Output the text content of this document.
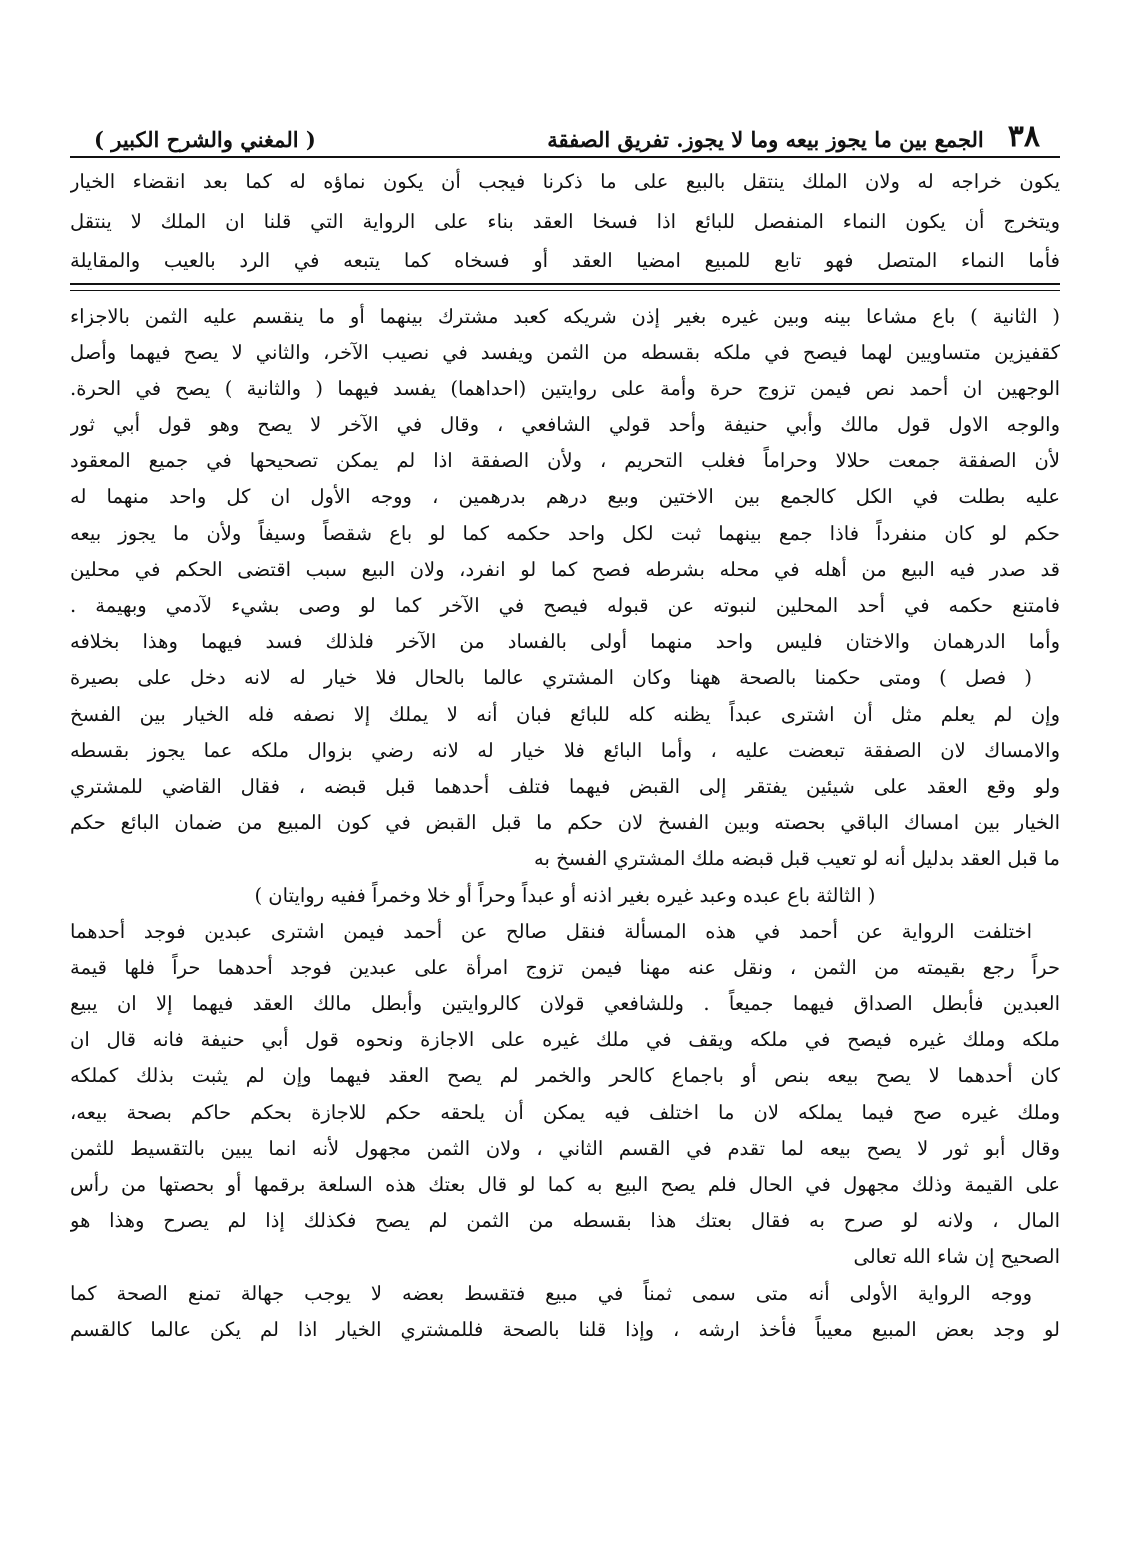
٣٨
الجمع بين ما يجوز بيعه وما لا يجوز. تفريق الصفقة
( المغني والشرح الكبير )
يكون خراجه له ولان الملك ينتقل بالبيع على ما ذكرنا فيجب أن يكون نماؤه له كما بعد انقضاء الخيار
ويتخرج أن يكون النماء المنفصل للبائع اذا فسخا العقد بناء على الرواية التي قلنا ان الملك لا ينتقل
فأما النماء المتصل فهو تابع للمبيع امضيا العقد أو فسخاه كما يتبعه في الرد بالعيب والمقايلة
( الثانية ) باع مشاعا بينه وبين غيره بغير إذن شريكه كعبد مشترك بينهما أو ما ينقسم عليه الثمن بالاجزاء
كقفيزين متساويين لهما فيصح في ملكه بقسطه من الثمن ويفسد في نصيب الآخر، والثاني لا يصح فيهما وأصل
الوجهين ان أحمد نص فيمن تزوج حرة وأمة على روايتين (احداهما) يفسد فيهما ( والثانية ) يصح في الحرة.
والوجه الاول قول مالك وأبي حنيفة وأحد قولي الشافعي ، وقال في الآخر لا يصح وهو قول أبي ثور
لأن الصفقة جمعت حلالا وحراماً فغلب التحريم ، ولأن الصفقة اذا لم يمكن تصحيحها في جميع المعقود
عليه بطلت في الكل كالجمع بين الاختين وبيع درهم بدرهمين ، ووجه الأول ان كل واحد منهما له
حكم لو كان منفرداً فاذا جمع بينهما ثبت لكل واحد حكمه كما لو باع شقصاً وسيفاً ولأن ما يجوز بيعه
قد صدر فيه البيع من أهله في محله بشرطه فصح كما لو انفرد، ولان البيع سبب اقتضى الحكم في محلين
فامتنع حكمه في أحد المحلين لنبوته عن قبوله فيصح في الآخر كما لو وصى بشيء لآدمي وبهيمة .
وأما الدرهمان والاختان فليس واحد منهما أولى بالفساد من الآخر فلذلك فسد فيهما وهذا بخلافه
( فصل ) ومتى حكمنا بالصحة ههنا وكان المشتري عالما بالحال فلا خيار له لانه دخل على بصيرة
وإن لم يعلم مثل أن اشترى عبداً يظنه كله للبائع فبان أنه لا يملك إلا نصفه فله الخيار بين الفسخ
والامساك لان الصفقة تبعضت عليه ، وأما البائع فلا خيار له لانه رضي بزوال ملكه عما يجوز بقسطه
ولو وقع العقد على شيئين يفتقر إلى القبض فيهما فتلف أحدهما قبل قبضه ، فقال القاضي للمشتري
الخيار بين امساك الباقي بحصته وبين الفسخ لان حكم ما قبل القبض في كون المبيع من ضمان البائع حكم
ما قبل العقد بدليل أنه لو تعيب قبل قبضه ملك المشتري الفسخ به
( الثالثة باع عبده وعبد غيره بغير اذنه أو عبداً وحراً أو خلا وخمراً ففيه روايتان )
اختلفت الرواية عن أحمد في هذه المسألة فنقل صالح عن أحمد فيمن اشترى عبدين فوجد أحدهما
حراً رجع بقيمته من الثمن ، ونقل عنه مهنا فيمن تزوج امرأة على عبدين فوجد أحدهما حراً فلها قيمة
العبدين فأبطل الصداق فيهما جميعاً . وللشافعي قولان كالروايتين وأبطل مالك العقد فيهما إلا ان يبيع
ملكه وملك غيره فيصح في ملكه ويقف في ملك غيره على الاجازة ونحوه قول أبي حنيفة فانه قال ان
كان أحدهما لا يصح بيعه بنص أو باجماع كالحر والخمر لم يصح العقد فيهما وإن لم يثبت بذلك كملكه
وملك غيره صح فيما يملكه لان ما اختلف فيه يمكن أن يلحقه حكم للاجازة بحكم حاكم بصحة بيعه،
وقال أبو ثور لا يصح بيعه لما تقدم في القسم الثاني ، ولان الثمن مجهول لأنه انما يبين بالتقسيط للثمن
على القيمة وذلك مجهول في الحال فلم يصح البيع به كما لو قال بعتك هذه السلعة برقمها أو بحصتها من رأس
المال ، ولانه لو صرح به فقال بعتك هذا بقسطه من الثمن لم يصح فكذلك إذا لم يصرح وهذا هو
الصحيح إن شاء الله تعالى
ووجه الرواية الأولى أنه متى سمى ثمناً في مبيع فتقسط بعضه لا يوجب جهالة تمنع الصحة كما
لو وجد بعض المبيع معيباً فأخذ ارشه ، وإذا قلنا بالصحة فللمشتري الخيار اذا لم يكن عالما كالقسم
